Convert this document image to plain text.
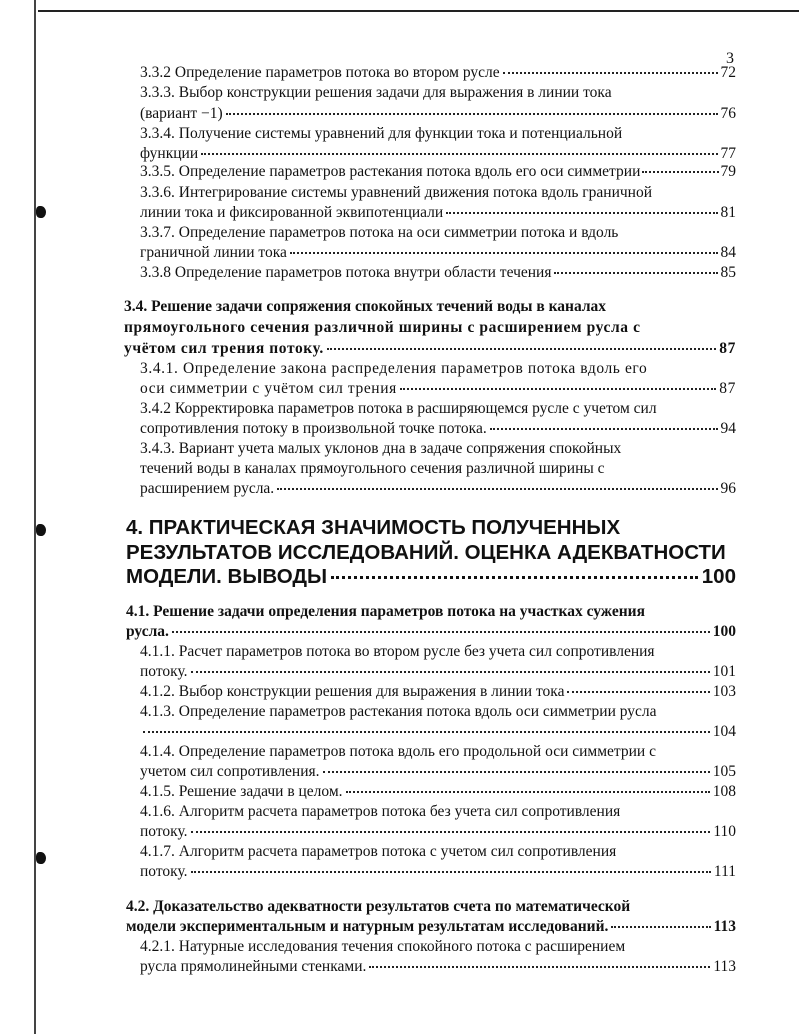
3
3.3.2 Определение параметров потока во втором русле	72
3.3.3. Выбор конструкции решения задачи для выражения в линии тока
(вариант −1)	76
3.3.4. Получение системы уравнений для функции тока и потенциальной
функции	77
3.3.5. Определение параметров растекания потока вдоль его оси симметрии	79
3.3.6. Интегрирование системы уравнений движения потока вдоль граничной
линии тока и фиксированной эквипотенциали	81
3.3.7. Определение параметров потока на оси симметрии потока и вдоль
граничной линии тока	84
3.3.8 Определение параметров потока внутри области течения	85
3.4. Решение задачи сопряжения спокойных течений воды в каналах
прямоугольного сечения различной ширины с расширением русла с
учётом сил трения потоку.	87
3.4.1. Определение закона распределения параметров потока вдоль его
оси симметрии с учётом сил трения	87
3.4.2 Корректировка параметров потока в расширяющемся русле с учетом сил
сопротивления потоку в произвольной точке потока.	94
3.4.3. Вариант учета малых уклонов дна в задаче сопряжения спокойных
течений воды в каналах прямоугольного сечения различной ширины с
расширением русла.	96
4. ПРАКТИЧЕСКАЯ ЗНАЧИМОСТЬ ПОЛУЧЕННЫХ
РЕЗУЛЬТАТОВ ИССЛЕДОВАНИЙ. ОЦЕНКА АДЕКВАТНОСТИ
МОДЕЛИ. ВЫВОДЫ	100
4.1. Решение задачи определения параметров потока на участках сужения
русла.	100
4.1.1. Расчет параметров потока во втором русле без учета сил сопротивления
потоку.	101
4.1.2. Выбор конструкции решения для выражения в линии тока	103
4.1.3. Определение параметров растекания потока вдоль оси симметрии русла
104
4.1.4. Определение параметров потока вдоль его продольной оси симметрии с
учетом сил сопротивления.	105
4.1.5. Решение задачи в целом.	108
4.1.6. Алгоритм расчета параметров потока без учета сил сопротивления
потоку.	110
4.1.7. Алгоритм расчета параметров потока с учетом сил сопротивления
потоку.	111
4.2. Доказательство адекватности результатов счета по математической
модели экспериментальным и натурным результатам исследований.	113
4.2.1. Натурные исследования течения спокойного потока с расширением
русла прямолинейными стенками.	113
